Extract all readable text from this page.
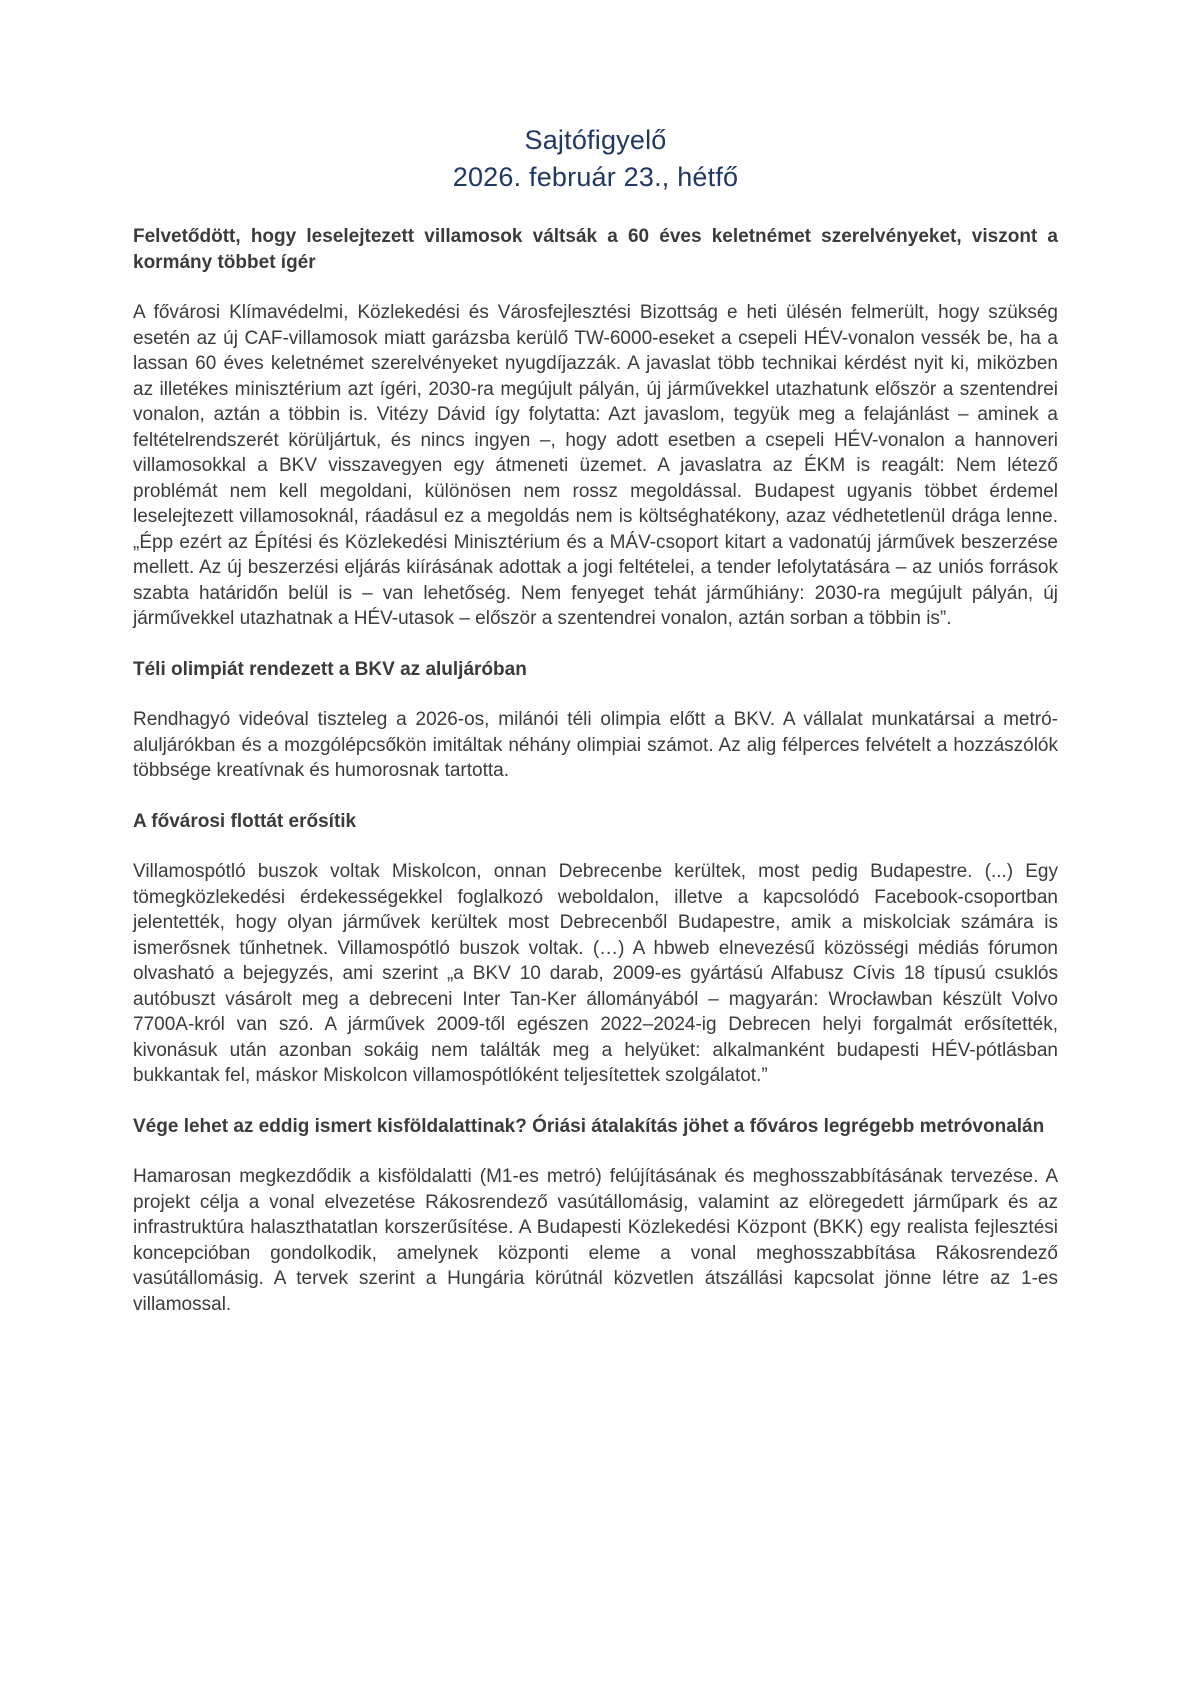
Sajtófigyelő
2026. február 23., hétfő

Felvetődött, hogy leselejtezett villamosok váltsák a 60 éves keletnémet szerelvényeket, viszont a kormány többet ígér

A fővárosi Klímavédelmi, Közlekedési és Városfejlesztési Bizottság e heti ülésén felmerült, hogy szükség esetén az új CAF-villamosok miatt garázsba kerülő TW-6000-eseket a csepeli HÉV-vonalon vessék be, ha a lassan 60 éves keletnémet szerelvényeket nyugdíjazzák. A javaslat több technikai kérdést nyit ki, miközben az illetékes minisztérium azt ígéri, 2030-ra megújult pályán, új járművekkel utazhatunk először a szentendrei vonalon, aztán a többin is. Vitézy Dávid így folytatta: Azt javaslom, tegyük meg a felajánlást – aminek a feltételrendszerét körüljártuk, és nincs ingyen –, hogy adott esetben a csepeli HÉV-vonalon a hannoveri villamosokkal a BKV visszavegyen egy átmeneti üzemet. A javaslatra az ÉKM is reagált: Nem létező problémát nem kell megoldani, különösen nem rossz megoldással. Budapest ugyanis többet érdemel leselejtezett villamosoknál, ráadásul ez a megoldás nem is költséghatékony, azaz védhetetlenül drága lenne. „Épp ezért az Építési és Közlekedési Minisztérium és a MÁV-csoport kitart a vadonatúj járművek beszerzése mellett. Az új beszerzési eljárás kiírásának adottak a jogi feltételei, a tender lefolytatására – az uniós források szabta határidőn belül is – van lehetőség. Nem fenyeget tehát járműhiány: 2030-ra megújult pályán, új járművekkel utazhatnak a HÉV-utasok – először a szentendrei vonalon, aztán sorban a többin is”.

Téli olimpiát rendezett a BKV az aluljáróban

Rendhagyó videóval tiszteleg a 2026-os, milánói téli olimpia előtt a BKV. A vállalat munkatársai a metró-aluljárókban és a mozgólépcsőkön imitáltak néhány olimpiai számot. Az alig félperces felvételt a hozzászólók többsége kreatívnak és humorosnak tartotta.

A fővárosi flottát erősítik

Villamospótló buszok voltak Miskolcon, onnan Debrecenbe kerültek, most pedig Budapestre. (...) Egy tömegközlekedési érdekességekkel foglalkozó weboldalon, illetve a kapcsolódó Facebook-csoportban jelentették, hogy olyan járművek kerültek most Debrecenből Budapestre, amik a miskolciak számára is ismerősnek tűnhetnek. Villamospótló buszok voltak. (…) A hbweb elnevezésű közösségi médiás fórumon olvasható a bejegyzés, ami szerint „a BKV 10 darab, 2009-es gyártású Alfabusz Cívis 18 típusú csuklós autóbuszt vásárolt meg a debreceni Inter Tan-Ker állományából – magyarán: Wrocławban készült Volvo 7700A-król van szó. A járművek 2009-től egészen 2022–2024-ig Debrecen helyi forgalmát erősítették, kivonásuk után azonban sokáig nem találták meg a helyüket: alkalmanként budapesti HÉV-pótlásban bukkantak fel, máskor Miskolcon villamospótlóként teljesítettek szolgálatot.”

Vége lehet az eddig ismert kisföldalattinak? Óriási átalakítás jöhet a főváros legrégebb metróvonalán

Hamarosan megkezdődik a kisföldalatti (M1-es metró) felújításának és meghosszabbításának tervezése. A projekt célja a vonal elvezetése Rákosrendező vasútállomásig, valamint az elöregedett járműpark és az infrastruktúra halaszthatatlan korszerűsítése. A Budapesti Közlekedési Központ (BKK) egy realista fejlesztési koncepcióban gondolkodik, amelynek központi eleme a vonal meghosszabbítása Rákosrendező vasútállomásig. A tervek szerint a Hungária körútnál közvetlen átszállási kapcsolat jönne létre az 1-es villamossal.
